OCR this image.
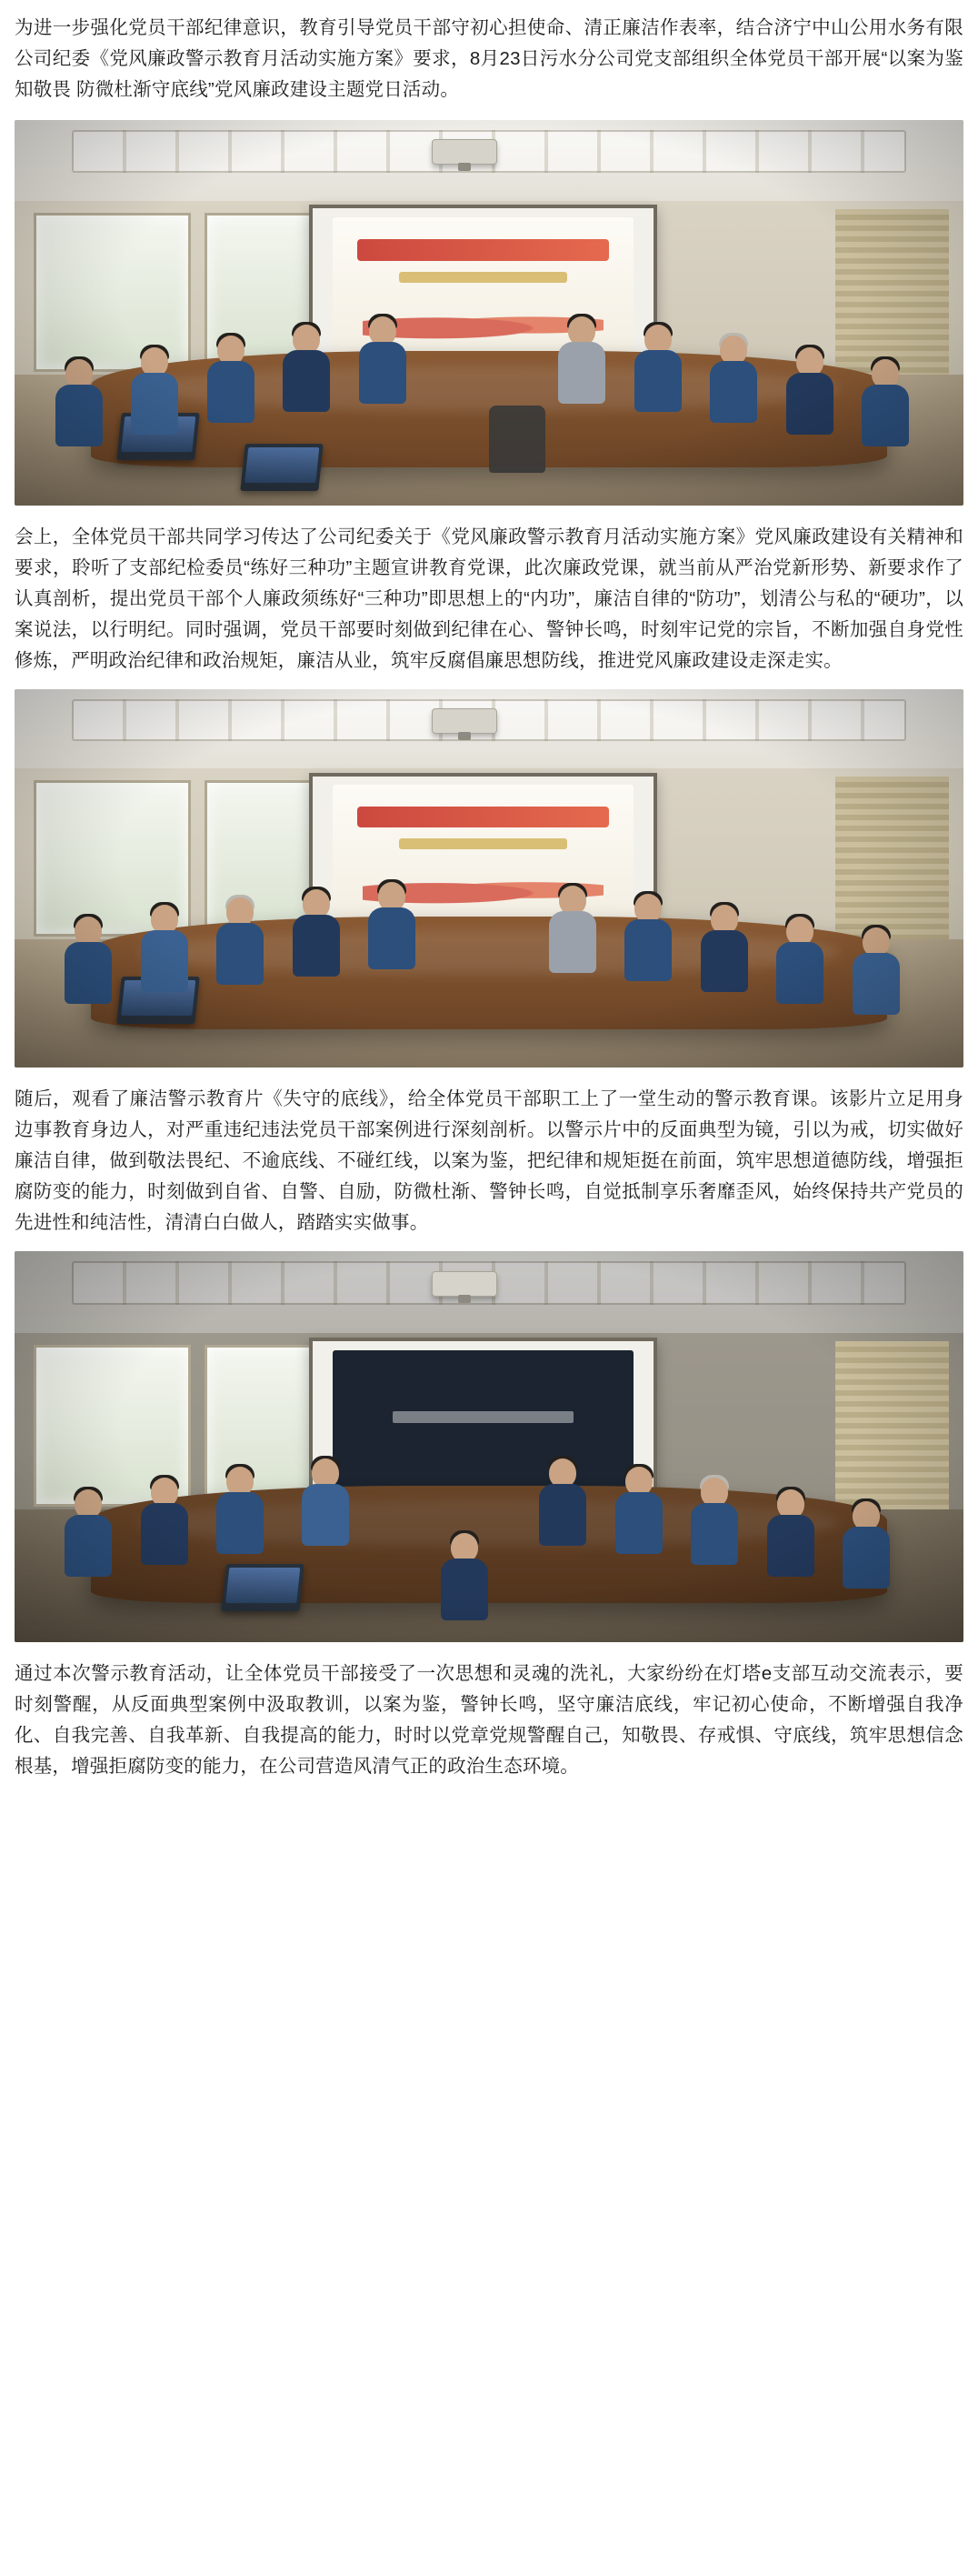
为进一步强化党员干部纪律意识，教育引导党员干部守初心担使命、清正廉洁作表率，结合济宁中山公用水务有限公司纪委《党风廉政警示教育月活动实施方案》要求，8月23日污水分公司党支部组织全体党员干部开展“以案为鉴知敬畏 防微杜渐守底线”党风廉政建设主题党日活动。

会上，全体党员干部共同学习传达了公司纪委关于《党风廉政警示教育月活动实施方案》党风廉政建设有关精神和要求，聆听了支部纪检委员“练好三种功”主题宣讲教育党课，此次廉政党课，就当前从严治党新形势、新要求作了认真剖析，提出党员干部个人廉政须练好“三种功”即思想上的“内功”，廉洁自律的“防功”，划清公与私的“硬功”，以案说法，以行明纪。同时强调，党员干部要时刻做到纪律在心、警钟长鸣，时刻牢记党的宗旨，不断加强自身党性修炼，严明政治纪律和政治规矩，廉洁从业，筑牢反腐倡廉思想防线，推进党风廉政建设走深走实。

随后，观看了廉洁警示教育片《失守的底线》，给全体党员干部职工上了一堂生动的警示教育课。该影片立足用身边事教育身边人，对严重违纪违法党员干部案例进行深刻剖析。以警示片中的反面典型为镜，引以为戒，切实做好廉洁自律，做到敬法畏纪、不逾底线、不碰红线，以案为鉴，把纪律和规矩挺在前面，筑牢思想道德防线，增强拒腐防变的能力，时刻做到自省、自警、自励，防微杜渐、警钟长鸣，自觉抵制享乐奢靡歪风，始终保持共产党员的先进性和纯洁性，清清白白做人，踏踏实实做事。

通过本次警示教育活动，让全体党员干部接受了一次思想和灵魂的洗礼，大家纷纷在灯塔e支部互动交流表示，要时刻警醒，从反面典型案例中汲取教训，以案为鉴，警钟长鸣，坚守廉洁底线，牢记初心使命，不断增强自我净化、自我完善、自我革新、自我提高的能力，时时以党章党规警醒自己，知敬畏、存戒惧、守底线，筑牢思想信念根基，增强拒腐防变的能力，在公司营造风清气正的政治生态环境。
